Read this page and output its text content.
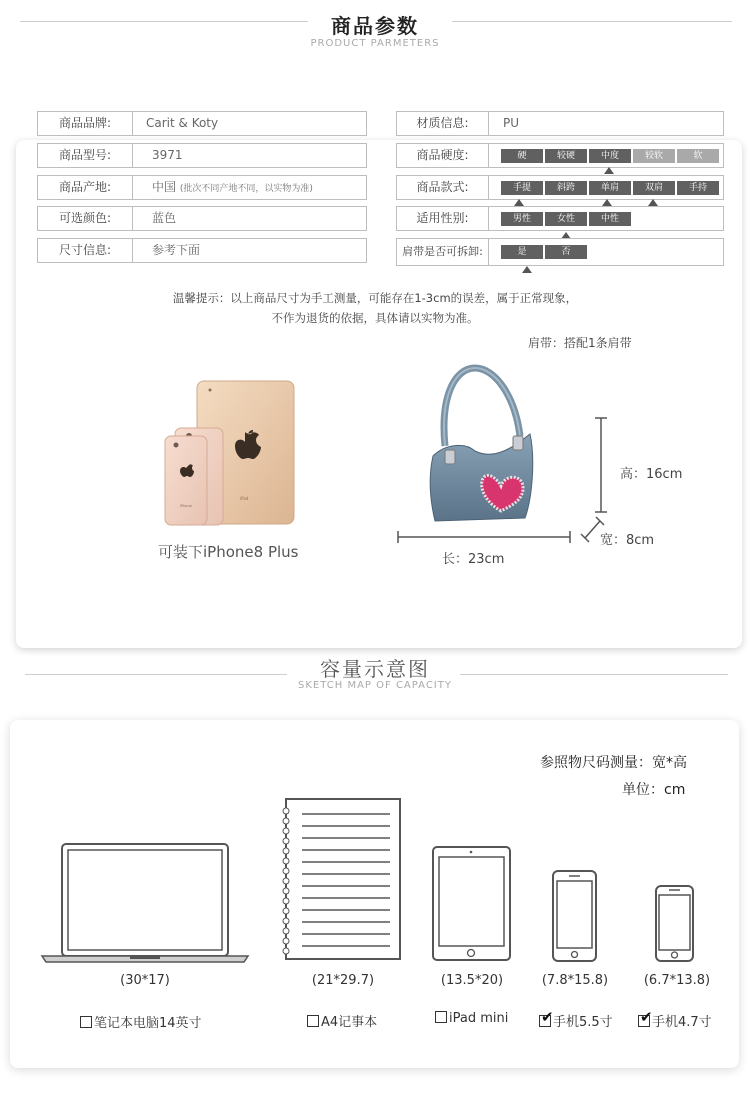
商品参数
PRODUCT PARMETERS
商品品牌:	Carit & Koty
商品型号:	3971
商品产地:	中国 (批次不同产地不同，以实物为准)
可选颜色:	蓝色
尺寸信息:	参考下面
材质信息:	PU
商品硬度:	硬	较硬	中度	较软	软
商品款式:	手提	斜跨	单肩	双肩	手持
适用性别:	男性	女性	中性
肩带是否可拆卸:	是	否
温馨提示：以上商品尺寸为手工测量，可能存在1-3cm的误差，属于正常现象，
不作为退货的依据，具体请以实物为准。
肩带：搭配1条肩带
iPad
iPhone
可装下iPhone8 Plus
高：16cm
长：23cm
宽：8cm
容量示意图
SKETCH MAP OF CAPACITY
参照物尺码测量：宽*高
单位：cm
(30*17)	(21*29.7)	(13.5*20)	(7.8*15.8)	(6.7*13.8)
笔记本电脑14英寸	A4记事本	iPad mini ✔ 手机5.5寸 ✔ 手机4.7寸
